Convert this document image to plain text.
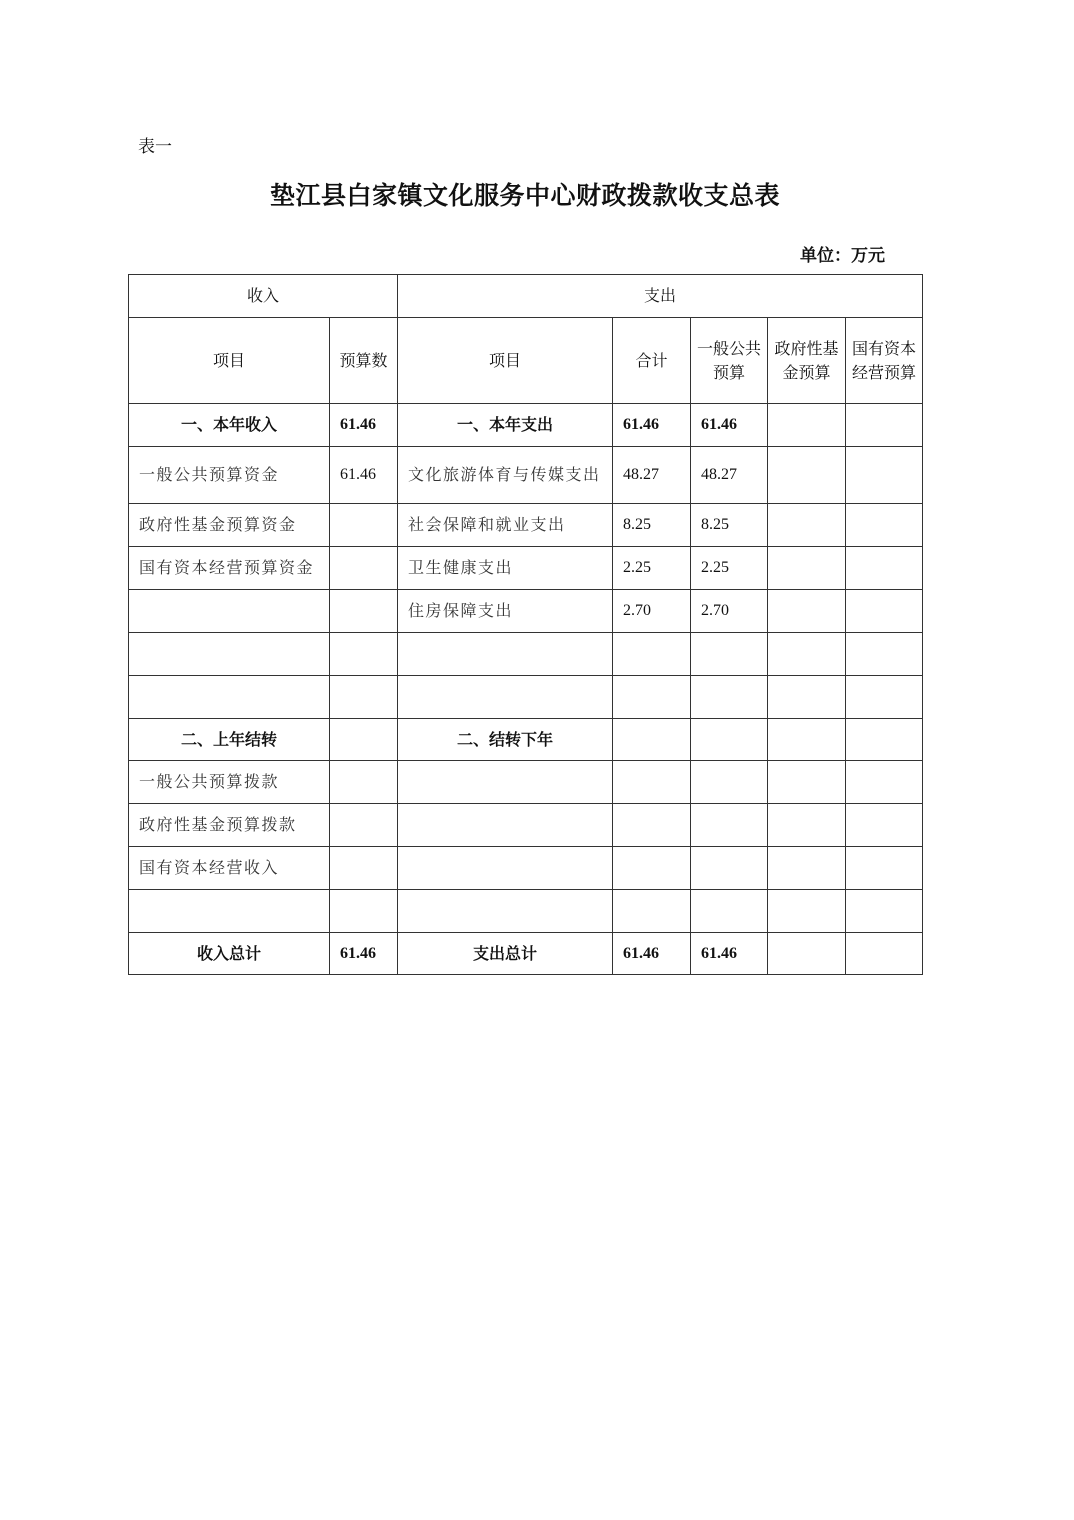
表一
垫江县白家镇文化服务中心财政拨款收支总表
单位：万元
收入		支出				
项目	预算数	项目	合计	一般公共预算	政府性基金预算	国有资本经营预算
一、本年收入	61.46	一、本年支出	61.46	61.46		
一般公共预算资金	61.46	文化旅游体育与传媒支出	48.27	48.27		
政府性基金预算资金		社会保障和就业支出	8.25	8.25		
国有资本经营预算资金		卫生健康支出	2.25	2.25		
		住房保障支出	2.70	2.70		

二、上年结转		二、结转下年				
一般公共预算拨款						
政府性基金预算拨款						
国有资本经营收入						

收入总计	61.46	支出总计	61.46	61.46		
